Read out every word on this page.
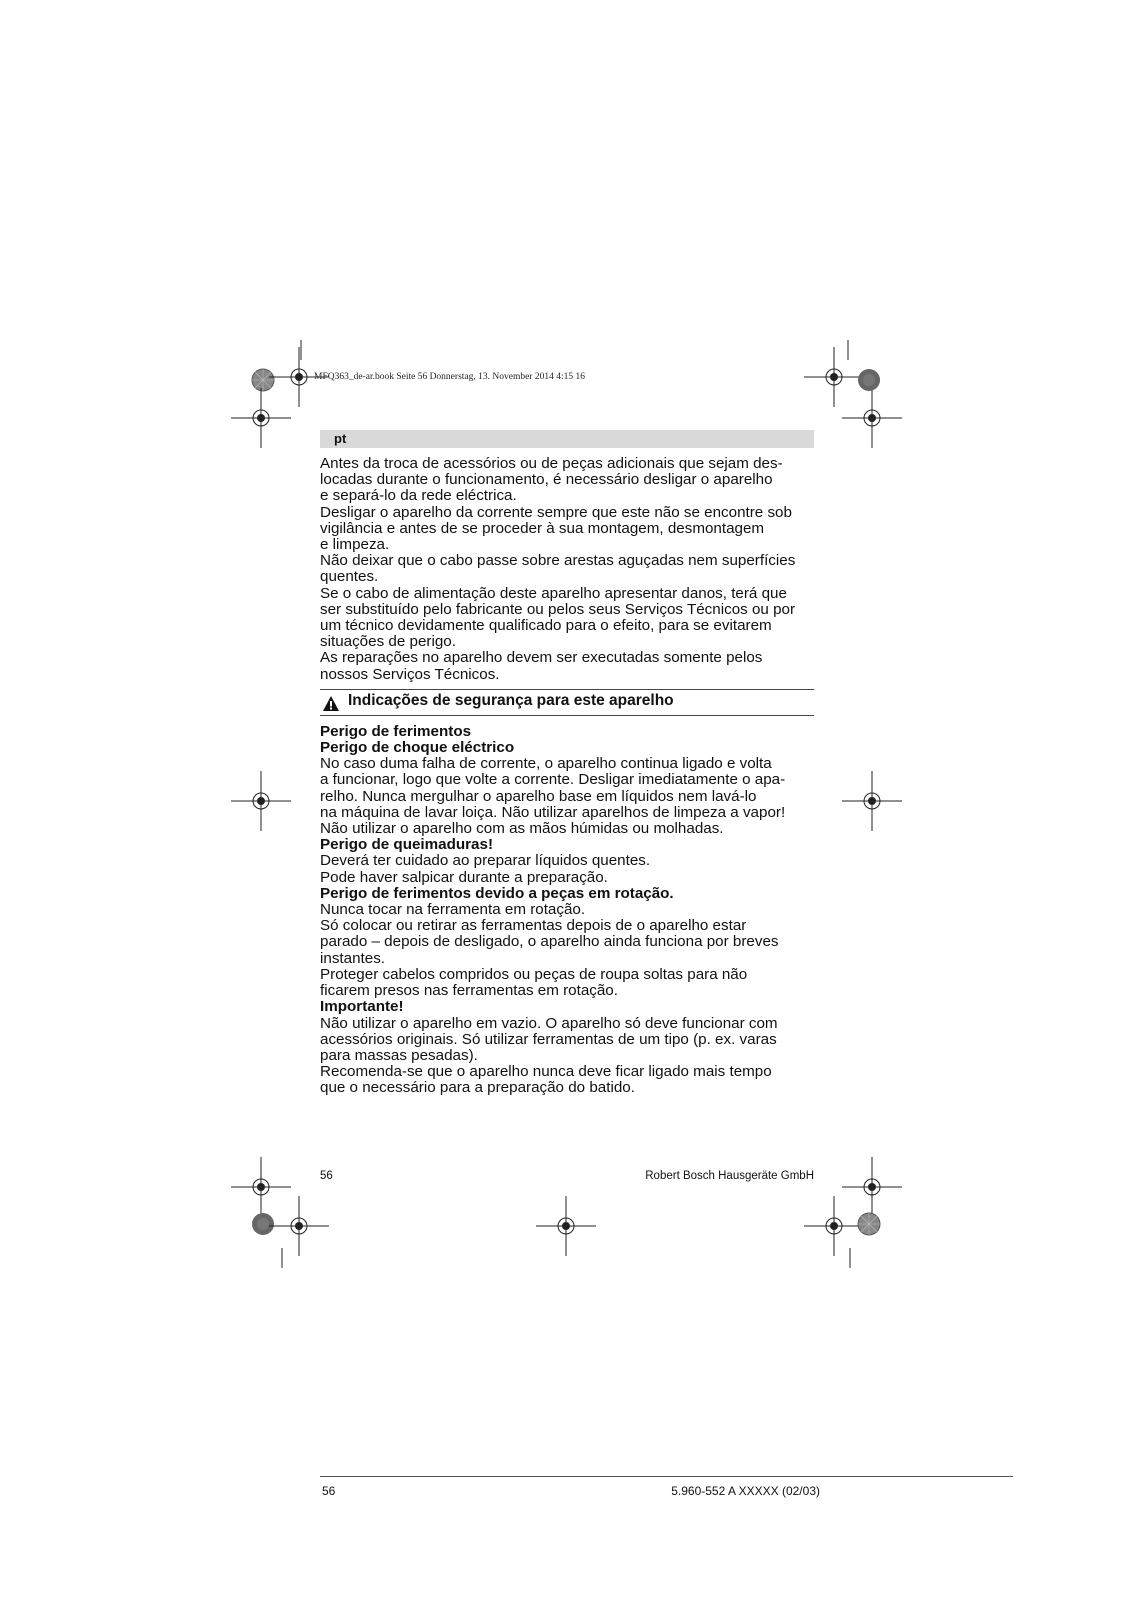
MFQ363_de-ar.book Seite 56 Donnerstag, 13. November 2014 4:15 16
pt
Antes da troca de acessórios ou de peças adicionais que sejam des-
locadas durante o funcionamento, é necessário desligar o aparelho
e separá-lo da rede eléctrica.
Desligar o aparelho da corrente sempre que este não se encontre sob
vigilância e antes de se proceder à sua montagem, desmontagem
e limpeza.
Não deixar que o cabo passe sobre arestas aguçadas nem superfícies
quentes.
Se o cabo de alimentação deste aparelho apresentar danos, terá que
ser substituído pelo fabricante ou pelos seus Serviços Técnicos ou por
um técnico devidamente qualificado para o efeito, para se evitarem
situações de perigo.
As reparações no aparelho devem ser executadas somente pelos
nossos Serviços Técnicos.
Indicações de segurança para este aparelho
Perigo de ferimentos
Perigo de choque eléctrico
No caso duma falha de corrente, o aparelho continua ligado e volta
a funcionar, logo que volte a corrente. Desligar imediatamente o apa-
relho. Nunca mergulhar o aparelho base em líquidos nem lavá-lo
na máquina de lavar loiça. Não utilizar aparelhos de limpeza a vapor!
Não utilizar o aparelho com as mãos húmidas ou molhadas.
Perigo de queimaduras!
Deverá ter cuidado ao preparar líquidos quentes.
Pode haver salpicar durante a preparação.
Perigo de ferimentos devido a peças em rotação.
Nunca tocar na ferramenta em rotação.
Só colocar ou retirar as ferramentas depois de o aparelho estar
parado – depois de desligado, o aparelho ainda funciona por breves
instantes.
Proteger cabelos compridos ou peças de roupa soltas para não
ficarem presos nas ferramentas em rotação.
Importante!
Não utilizar o aparelho em vazio. O aparelho só deve funcionar com
acessórios originais. Só utilizar ferramentas de um tipo (p. ex. varas
para massas pesadas).
Recomenda-se que o aparelho nunca deve ficar ligado mais tempo
que o necessário para a preparação do batido.
56	Robert Bosch Hausgeräte GmbH
56	5.960-552 A XXXXX (02/03)
